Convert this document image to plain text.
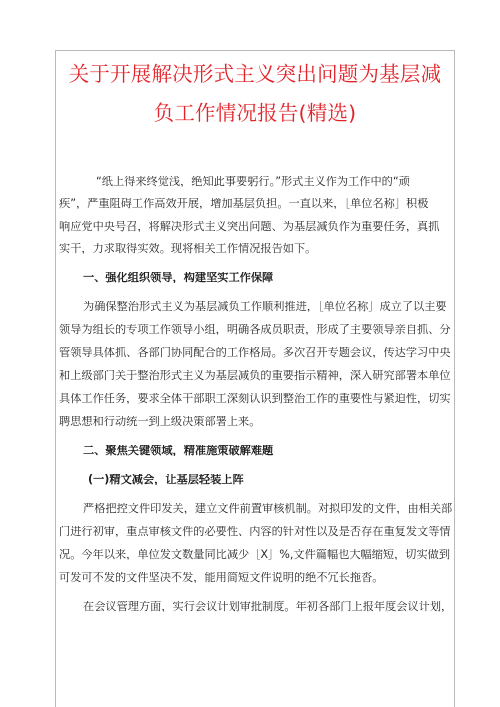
关于开展解决形式主义突出问题为基层减
负工作情况报告(精选)
“纸上得来终觉浅，绝知此事要躬行。”形式主义作为工作中的“顽
疾”，严重阻碍工作高效开展，增加基层负担。一直以来，［单位名称］积极
响应党中央号召，将解决形式主义突出问题、为基层减负作为重要任务，真抓
实干，力求取得实效。现将相关工作情况报告如下。
一、强化组织领导，构建坚实工作保障
为确保整治形式主义为基层减负工作顺利推进，［单位名称］成立了以主要
领导为组长的专项工作领导小组，明确各成员职责，形成了主要领导亲自抓、分
管领导具体抓、各部门协同配合的工作格局。多次召开专题会议，传达学习中央
和上级部门关于整治形式主义为基层减负的重要指示精神，深入研究部署本单位
具体工作任务，要求全体干部职工深刻认识到整治工作的重要性与紧迫性，切实
聘思想和行动统一到上级决策部署上来。
二、聚焦关键领域，精准施策破解难题
(一)精文减会，让基层轻装上阵
严格把控文件印发关，建立文件前置审核机制。对拟印发的文件，由相关部
门进行初审，重点审核文件的必要性、内容的针对性以及是否存在重复发文等情
况。今年以来，单位发文数量同比减少［X］%,文件篇幅也大幅缩短，切实做到
可发可不发的文件坚决不发，能用简短文件说明的绝不冗长拖沓。
在会议管理方面，实行会议计划审批制度。年初各部门上报年度会议计划，
